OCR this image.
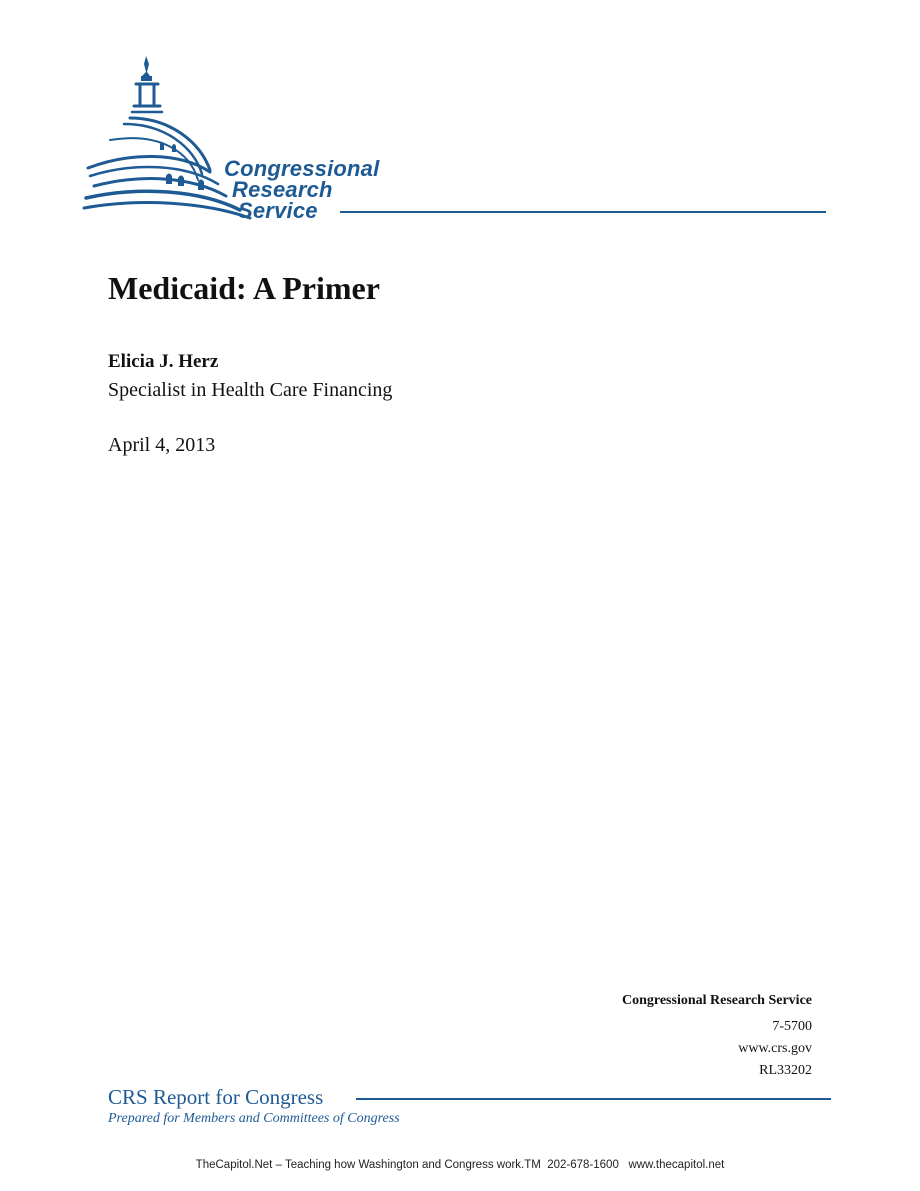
Congressional
Research
Service
Medicaid: A Primer
Elicia J. Herz
Specialist in Health Care Financing
April 4, 2013
Congressional Research Service
7-5700
www.crs.gov
RL33202
CRS Report for Congress
Prepared for Members and Committees of Congress
TheCapitol.Net – Teaching how Washington and Congress work.TM  202-678-1600   www.thecapitol.net
